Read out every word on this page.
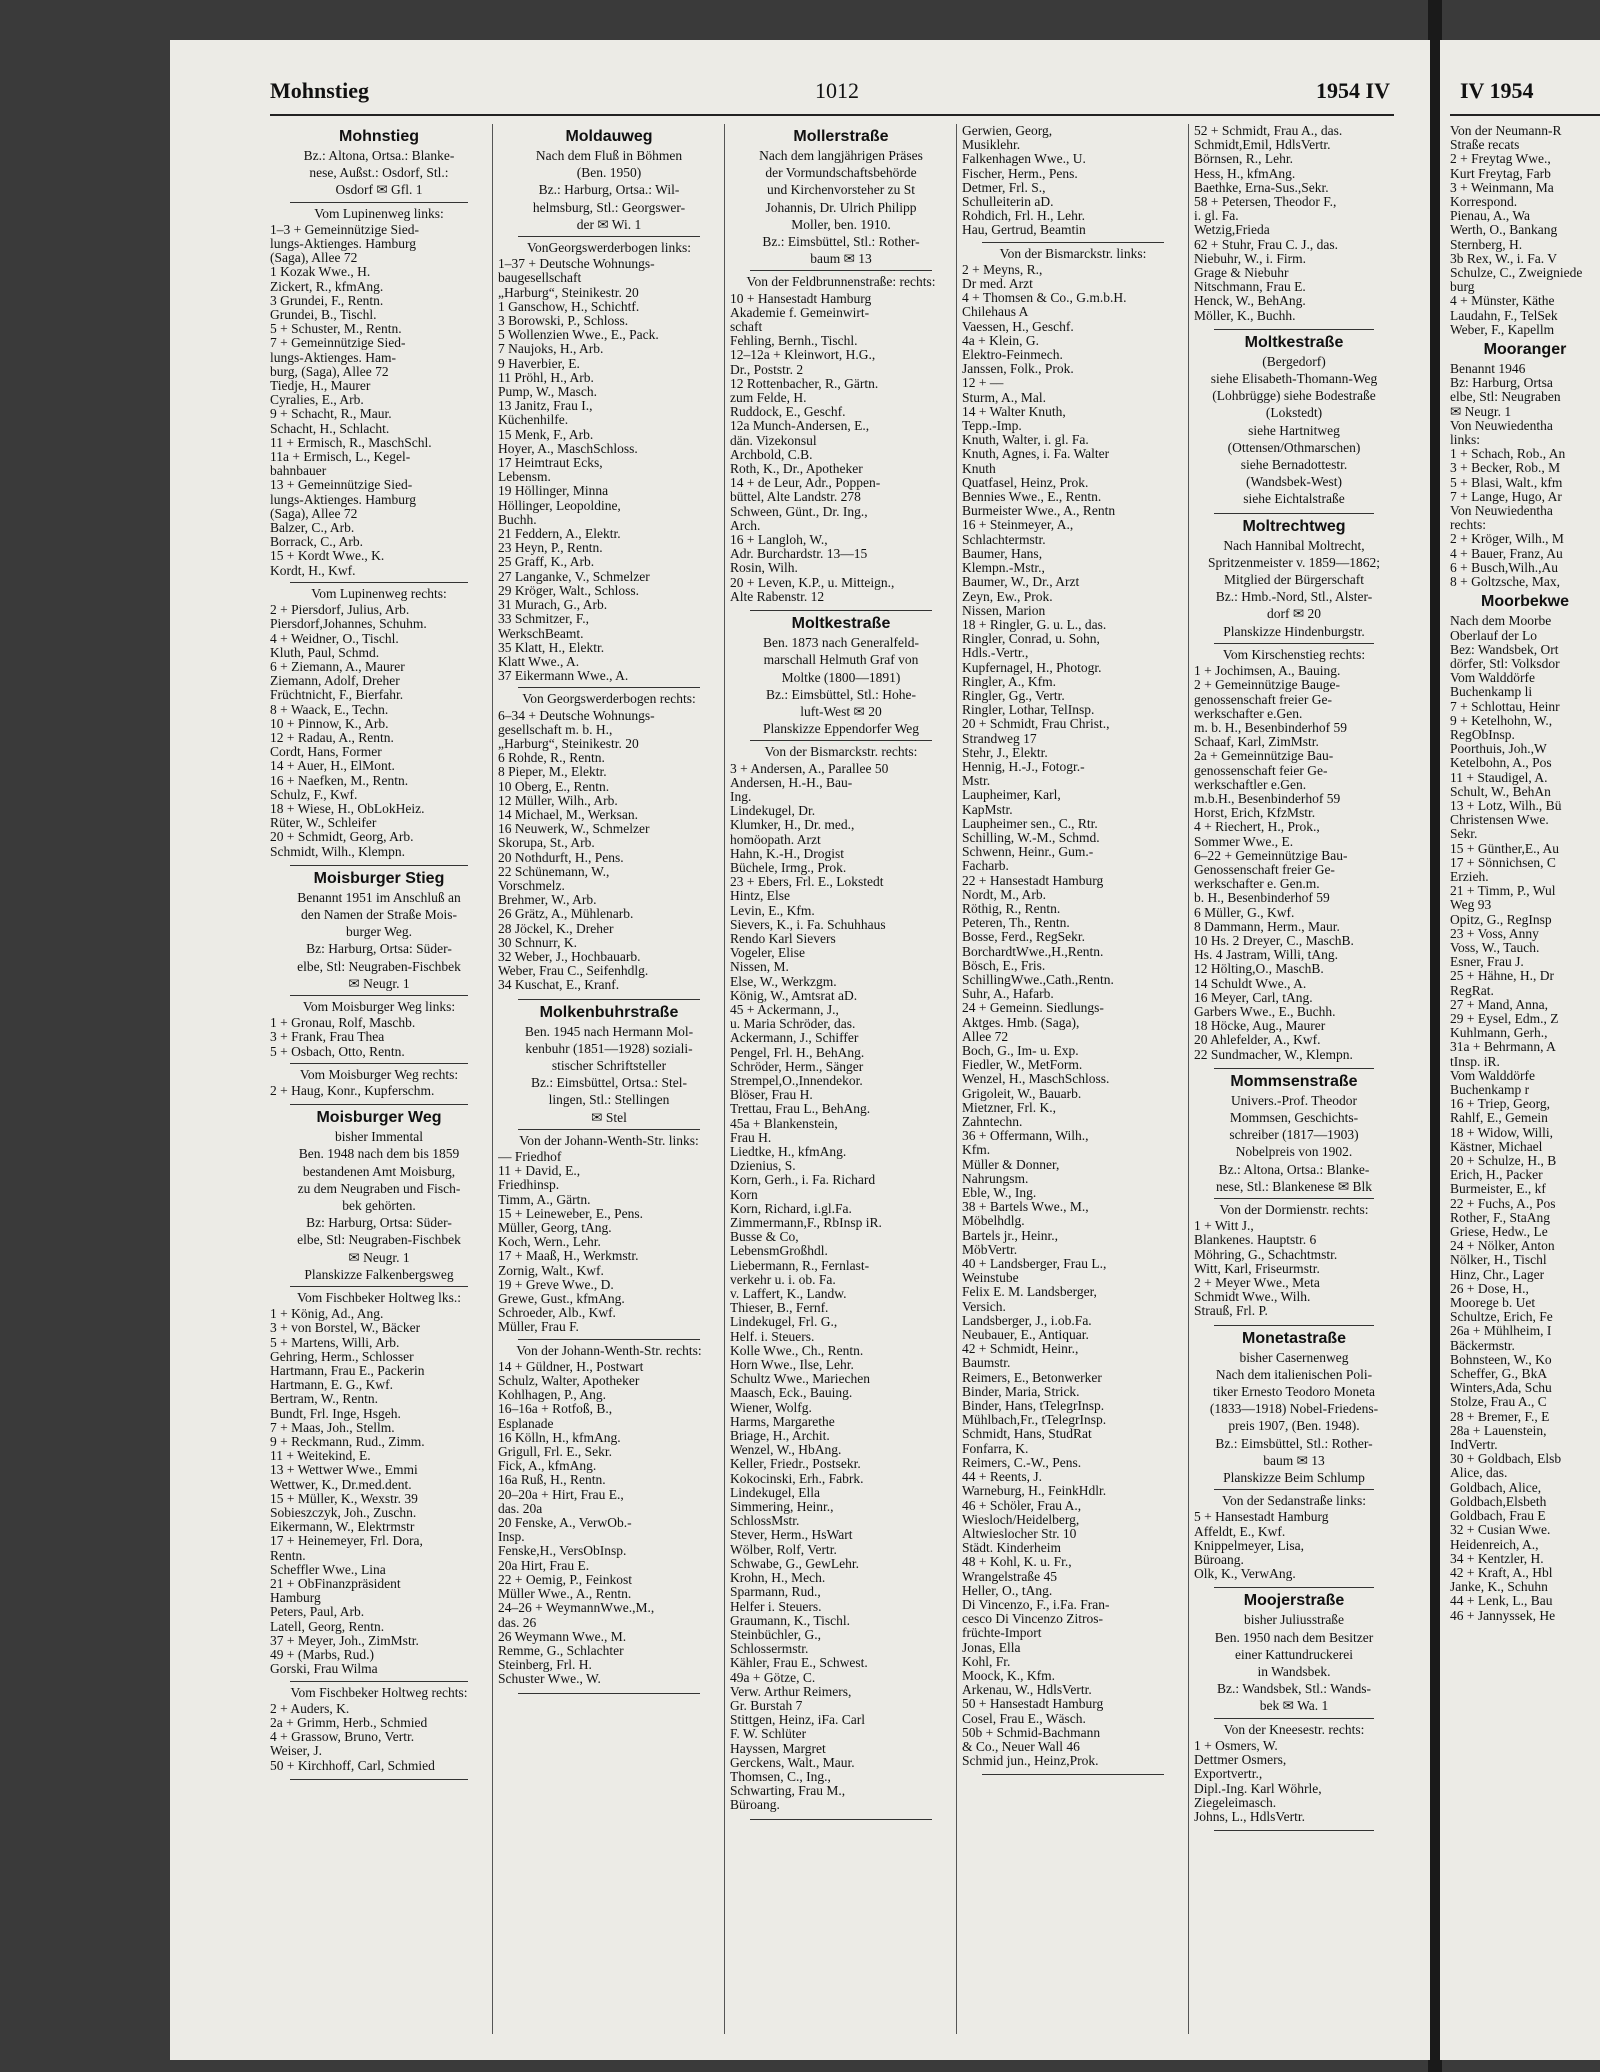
Mohnstieg	1012	1954 IV
Mohnstieg
Bz.: Altona, Ortsa.: Blanke-
nese, Außst.: Osdorf, Stl.:
Osdorf ✉ Gfl. 1
Vom Lupinenweg links:
1–3 + Gemeinnützige Sied-
lungs-Aktienges. Hamburg
(Saga), Allee 72
1 Kozak Wwe., H.
Zickert, R., kfmAng.
3 Grundei, F., Rentn.
Grundei, B., Tischl.
5 + Schuster, M., Rentn.
7 + Gemeinnützige Sied-
lungs-Aktienges. Ham-
burg, (Saga), Allee 72
Tiedje, H., Maurer
Cyralies, E., Arb.
9 + Schacht, R., Maur.
Schacht, H., Schlacht.
11 + Ermisch, R., MaschSchl.
11a + Ermisch, L., Kegel-
bahnbauer
13 + Gemeinnützige Sied-
lungs-Aktienges. Hamburg
(Saga), Allee 72
Balzer, C., Arb.
Borrack, C., Arb.
15 + Kordt Wwe., K.
Kordt, H., Kwf.
Vom Lupinenweg rechts:
2 + Piersdorf, Julius, Arb.
Piersdorf,Johannes, Schuhm.
4 + Weidner, O., Tischl.
Kluth, Paul, Schmd.
6 + Ziemann, A., Maurer
Ziemann, Adolf, Dreher
Früchtnicht, F., Bierfahr.
8 + Waack, E., Techn.
10 + Pinnow, K., Arb.
12 + Radau, A., Rentn.
Cordt, Hans, Former
14 + Auer, H., ElMont.
16 + Naefken, M., Rentn.
Schulz, F., Kwf.
18 + Wiese, H., ObLokHeiz.
Rüter, W., Schleifer
20 + Schmidt, Georg, Arb.
Schmidt, Wilh., Klempn.
Moisburger Stieg
Benannt 1951 im Anschluß an
den Namen der Straße Mois-
burger Weg.
Bz: Harburg, Ortsa: Süder-
elbe, Stl: Neugraben-Fischbek
✉ Neugr. 1
Vom Moisburger Weg links:
1 + Gronau, Rolf, Maschb.
3 + Frank, Frau Thea
5 + Osbach, Otto, Rentn.
Vom Moisburger Weg rechts:
2 + Haug, Konr., Kupferschm.
Moisburger Weg
bisher Immental
Ben. 1948 nach dem bis 1859
bestandenen Amt Moisburg,
zu dem Neugraben und Fisch-
bek gehörten.
Bz: Harburg, Ortsa: Süder-
elbe, Stl: Neugraben-Fischbek
✉ Neugr. 1
Planskizze Falkenbergsweg
Vom Fischbeker Holtweg lks.:
1 + König, Ad., Ang.
3 + von Borstel, W., Bäcker
5 + Martens, Willi, Arb.
Gehring, Herm., Schlosser
Hartmann, Frau E., Packerin
Hartmann, E. G., Kwf.
Bertram, W., Rentn.
Bundt, Frl. Inge, Hsgeh.
7 + Maas, Joh., Stellm.
9 + Reckmann, Rud., Zimm.
11 + Weitekind, E.
13 + Wettwer Wwe., Emmi
Wettwer, K., Dr.med.dent.
15 + Müller, K., Wexstr. 39
Sobieszczyk, Joh., Zuschn.
Eikermann, W., Elektrmstr
17 + Heinemeyer, Frl. Dora,
Rentn.
Scheffler Wwe., Lina
21 + ObFinanzpräsident
Hamburg
Peters, Paul, Arb.
Latell, Georg, Rentn.
37 + Meyer, Joh., ZimMstr.
49 + (Marbs, Rud.)
Gorski, Frau Wilma
Vom Fischbeker Holtweg rechts:
2 + Auders, K.
2a + Grimm, Herb., Schmied
4 + Grassow, Bruno, Vertr.
Weiser, J.
50 + Kirchhoff, Carl, Schmied
Moldauweg
Nach dem Fluß in Böhmen
(Ben. 1950)
Bz.: Harburg, Ortsa.: Wil-
helmsburg, Stl.: Georgswer-
der ✉ Wi. 1
VonGeorgswerderbogen links:
1–37 + Deutsche Wohnungs-
baugesellschaft
„Harburg“, Steinikestr. 20
1 Ganschow, H., Schichtf.
3 Borowski, P., Schloss.
5 Wollenzien Wwe., E., Pack.
7 Naujoks, H., Arb.
9 Haverbier, E.
11 Pröhl, H., Arb.
Pump, W., Masch.
13 Janitz, Frau I.,
Küchenhilfe.
15 Menk, F., Arb.
Hoyer, A., MaschSchloss.
17 Heimtraut Ecks,
Lebensm.
19 Höllinger, Minna
Höllinger, Leopoldine,
Buchh.
21 Feddern, A., Elektr.
23 Heyn, P., Rentn.
25 Graff, K., Arb.
27 Langanke, V., Schmelzer
29 Kröger, Walt., Schloss.
31 Murach, G., Arb.
33 Schmitzer, F.,
WerkschBeamt.
35 Klatt, H., Elektr.
Klatt Wwe., A.
37 Eikermann Wwe., A.
Von Georgswerderbogen rechts:
6–34 + Deutsche Wohnungs-
gesellschaft m. b. H.,
„Harburg“, Steinikestr. 20
6 Rohde, R., Rentn.
8 Pieper, M., Elektr.
10 Oberg, E., Rentn.
12 Müller, Wilh., Arb.
14 Michael, M., Werksan.
16 Neuwerk, W., Schmelzer
Skorupa, St., Arb.
20 Nothdurft, H., Pens.
22 Schünemann, W.,
Vorschmelz.
Brehmer, W., Arb.
26 Grätz, A., Mühlenarb.
28 Jöckel, K., Dreher
30 Schnurr, K.
32 Weber, J., Hochbauarb.
Weber, Frau C., Seifenhdlg.
34 Kuschat, E., Kranf.
Molkenbuhrstraße
Ben. 1945 nach Hermann Mol-
kenbuhr (1851—1928) soziali-
stischer Schriftsteller
Bz.: Eimsbüttel, Ortsa.: Stel-
lingen, Stl.: Stellingen
✉ Stel
Von der Johann-Wenth-Str. links:
— Friedhof
11 + David, E.,
Friedhinsp.
Timm, A., Gärtn.
15 + Leineweber, E., Pens.
Müller, Georg, tAng.
Koch, Wern., Lehr.
17 + Maaß, H., Werkmstr.
Zornig, Walt., Kwf.
19 + Greve Wwe., D.
Grewe, Gust., kfmAng.
Schroeder, Alb., Kwf.
Müller, Frau F.
Von der Johann-Wenth-Str. rechts:
14 + Güldner, H., Postwart
Schulz, Walter, Apotheker
Kohlhagen, P., Ang.
16–16a + Rotfoß, B.,
Esplanade
16 Kölln, H., kfmAng.
Grigull, Frl. E., Sekr.
Fick, A., kfmAng.
16a Ruß, H., Rentn.
20–20a + Hirt, Frau E.,
das. 20a
20 Fenske, A., VerwOb.-
Insp.
Fenske,H., VersObInsp.
20a Hirt, Frau E.
22 + Oemig, P., Feinkost
Müller Wwe., A., Rentn.
24–26 + WeymannWwe.,M.,
das. 26
26 Weymann Wwe., M.
Remme, G., Schlachter
Steinberg, Frl. H.
Schuster Wwe., W.
Mollerstraße
Nach dem langjährigen Präses
der Vormundschaftsbehörde
und Kirchenvorsteher zu St
Johannis, Dr. Ulrich Philipp
Moller, ben. 1910.
Bz.: Eimsbüttel, Stl.: Rother-
baum ✉ 13
Von der Feldbrunnenstraße: rechts:
10 + Hansestadt Hamburg
Akademie f. Gemeinwirt-
schaft
Fehling, Bernh., Tischl.
12–12a + Kleinwort, H.G.,
Dr., Poststr. 2
12 Rottenbacher, R., Gärtn.
zum Felde, H.
Ruddock, E., Geschf.
12a Munch-Andersen, E.,
dän. Vizekonsul
Archbold, C.B.
Roth, K., Dr., Apotheker
14 + de Leur, Adr., Poppen-
büttel, Alte Landstr. 278
Schween, Günt., Dr. Ing.,
Arch.
16 + Langloh, W.,
Adr. Burchardstr. 13—15
Rosin, Wilh.
20 + Leven, K.P., u. Mitteign.,
Alte Rabenstr. 12
Moltkestraße
Ben. 1873 nach Generalfeld-
marschall Helmuth Graf von
Moltke (1800—1891)
Bz.: Eimsbüttel, Stl.: Hohe-
luft-West ✉ 20
Planskizze Eppendorfer Weg
Von der Bismarckstr. rechts:
3 + Andersen, A., Parallee 50
Andersen, H.-H., Bau-
Ing.
Lindekugel, Dr.
Klumker, H., Dr. med.,
homöopath. Arzt
Hahn, K.-H., Drogist
Büchele, Irmg., Prok.
23 + Ebers, Frl. E., Lokstedt
Hintz, Else
Levin, E., Kfm.
Sievers, K., i. Fa. Schuhhaus
Rendo Karl Sievers
Vogeler, Elise
Nissen, M.
Else, W., Werkzgm.
König, W., Amtsrat aD.
45 + Ackermann, J.,
u. Maria Schröder, das.
Ackermann, J., Schiffer
Pengel, Frl. H., BehAng.
Schröder, Herm., Sänger
Strempel,O.,Innendekor.
Blöser, Frau H.
Trettau, Frau L., BehAng.
45a + Blankenstein,
Frau H.
Liedtke, H., kfmAng.
Dzienius, S.
Korn, Gerh., i. Fa. Richard
Korn
Korn, Richard, i.gl.Fa.
Zimmermann,F., RbInsp iR.
Busse & Co,
LebensmGroßhdl.
Liebermann, R., Fernlast-
verkehr u. i. ob. Fa.
v. Laffert, K., Landw.
Thieser, B., Fernf.
Lindekugel, Frl. G.,
Helf. i. Steuers.
Kolle Wwe., Ch., Rentn.
Horn Wwe., Ilse, Lehr.
Schultz Wwe., Mariechen
Maasch, Eck., Bauing.
Wiener, Wolfg.
Harms, Margarethe
Briage, H., Archit.
Wenzel, W., HbAng.
Keller, Friedr., Postsekr.
Kokocinski, Erh., Fabrk.
Lindekugel, Ella
Simmering, Heinr.,
SchlossMstr.
Stever, Herm., HsWart
Wölber, Rolf, Vertr.
Schwabe, G., GewLehr.
Krohn, H., Mech.
Sparmann, Rud.,
Helfer i. Steuers.
Graumann, K., Tischl.
Steinbüchler, G.,
Schlossermstr.
Kähler, Frau E., Schwest.
49a + Götze, C.
Verw. Arthur Reimers,
Gr. Burstah 7
Stittgen, Heinz, iFa. Carl
F. W. Schlüter
Hayssen, Margret
Gerckens, Walt., Maur.
Thomsen, C., Ing.,
Schwarting, Frau M.,
Büroang.
Gerwien, Georg,
Musiklehr.
Falkenhagen Wwe., U.
Fischer, Herm., Pens.
Detmer, Frl. S.,
Schulleiterin aD.
Rohdich, Frl. H., Lehr.
Hau, Gertrud, Beamtin
Von der Bismarckstr. links:
2 + Meyns, R.,
Dr med. Arzt
4 + Thomsen & Co., G.m.b.H.
Chilehaus A
Vaessen, H., Geschf.
4a + Klein, G.
Elektro-Feinmech.
Janssen, Folk., Prok.
12 + ––
Sturm, A., Mal.
14 + Walter Knuth,
Tepp.-Imp.
Knuth, Walter, i. gl. Fa.
Knuth, Agnes, i. Fa. Walter
Knuth
Quatfasel, Heinz, Prok.
Bennies Wwe., E., Rentn.
Burmeister Wwe., A., Rentn
16 + Steinmeyer, A.,
Schlachtermstr.
Baumer, Hans,
Klempn.-Mstr.,
Baumer, W., Dr., Arzt
Zeyn, Ew., Prok.
Nissen, Marion
18 + Ringler, G. u. L., das.
Ringler, Conrad, u. Sohn,
Hdls.-Vertr.,
Kupfernagel, H., Photogr.
Ringler, A., Kfm.
Ringler, Gg., Vertr.
Ringler, Lothar, TelInsp.
20 + Schmidt, Frau Christ.,
Strandweg 17
Stehr, J., Elektr.
Hennig, H.-J., Fotogr.-
Mstr.
Laupheimer, Karl,
KapMstr.
Laupheimer sen., C., Rtr.
Schilling, W.-M., Schmd.
Schwenn, Heinr., Gum.-
Facharb.
22 + Hansestadt Hamburg
Nordt, M., Arb.
Röthig, R., Rentn.
Peteren, Th., Rentn.
Bosse, Ferd., RegSekr.
BorchardtWwe.,H.,Rentn.
Bösch, E., Fris.
SchillingWwe.,Cath.,Rentn.
Suhr, A., Hafarb.
24 + Gemeinn. Siedlungs-
Aktges. Hmb. (Saga),
Allee 72
Boch, G., Im- u. Exp.
Fiedler, W., MetForm.
Wenzel, H., MaschSchloss.
Grigoleit, W., Bauarb.
Mietzner, Frl. K.,
Zahntechn.
36 + Offermann, Wilh.,
Kfm.
Müller & Donner,
Nahrungsm.
Eble, W., Ing.
38 + Bartels Wwe., M.,
Möbelhdlg.
Bartels jr., Heinr.,
MöbVertr.
40 + Landsberger, Frau L.,
Weinstube
Felix E. M. Landsberger,
Versich.
Landsberger, J., i.ob.Fa.
Neubauer, E., Antiquar.
42 + Schmidt, Heinr.,
Baumstr.
Reimers, E., Betonwerker
Binder, Maria, Strick.
Binder, Hans, tTelegrInsp.
Mühlbach,Fr., tTelegrInsp.
Schmidt, Hans, StudRat
Fonfarra, K.
Reimers, C.-W., Pens.
44 + Reents, J.
Warneburg, H., FeinkHdlr.
46 + Schöler, Frau A.,
Wiesloch/Heidelberg,
Altwieslocher Str. 10
Städt. Kinderheim
48 + Kohl, K. u. Fr.,
Wrangelstraße 45
Heller, O., tAng.
Di Vincenzo, F., i.Fa. Fran-
cesco Di Vincenzo Zitros-
früchte-Import
Jonas, Ella
Kohl, Fr.
Moock, K., Kfm.
Arkenau, W., HdlsVertr.
50 + Hansestadt Hamburg
Cosel, Frau E., Wäsch.
50b + Schmid-Bachmann
& Co., Neuer Wall 46
Schmid jun., Heinz,Prok.
52 + Schmidt, Frau A., das.
Schmidt,Emil, HdlsVertr.
Börnsen, R., Lehr.
Hess, H., kfmAng.
Baethke, Erna-Sus.,Sekr.
58 + Petersen, Theodor F.,
i. gl. Fa.
Wetzig,Frieda
62 + Stuhr, Frau C. J., das.
Niebuhr, W., i. Firm.
Grage & Niebuhr
Nitschmann, Frau E.
Henck, W., BehAng.
Möller, K., Buchh.
Moltkestraße
(Bergedorf)
siehe Elisabeth-Thomann-Weg
(Lohbrügge) siehe Bodestraße
(Lokstedt)
siehe Hartnitweg
(Ottensen/Othmarschen)
siehe Bernadottestr.
(Wandsbek-West)
siehe Eichtalstraße
Moltrechtweg
Nach Hannibal Moltrecht,
Spritzenmeister v. 1859—1862;
Mitglied der Bürgerschaft
Bz.: Hmb.-Nord, Stl., Alster-
dorf ✉ 20
Planskizze Hindenburgstr.
Vom Kirschenstieg rechts:
1 + Jochimsen, A., Bauing.
2 + Gemeinnützige Bauge-
genossenschaft freier Ge-
werkschafter e.Gen.
m. b. H., Besenbinderhof 59
Schaaf, Karl, ZimMstr.
2a + Gemeinnützige Bau-
genossenschaft feier Ge-
werkschaftler e.Gen.
m.b.H., Besenbinderhof 59
Horst, Erich, KfzMstr.
4 + Riechert, H., Prok.,
Sommer Wwe., E.
6–22 + Gemeinnützige Bau-
Genossenschaft freier Ge-
werkschafter e. Gen.m.
b. H., Besenbinderhof 59
6 Müller, G., Kwf.
8 Dammann, Herm., Maur.
10 Hs. 2 Dreyer, C., MaschB.
Hs. 4 Jastram, Willi, tAng.
12 Hölting,O., MaschB.
14 Schuldt Wwe., A.
16 Meyer, Carl, tAng.
Garbers Wwe., E., Buchh.
18 Höcke, Aug., Maurer
20 Ahlefelder, A., Kwf.
22 Sundmacher, W., Klempn.
Mommsenstraße
Univers.-Prof. Theodor
Mommsen, Geschichts-
schreiber (1817—1903)
Nobelpreis von 1902.
Bz.: Altona, Ortsa.: Blanke-
nese, Stl.: Blankenese ✉ Blk
Von der Dormienstr. rechts:
1 + Witt J.,
Blankenes. Hauptstr. 6
Möhring, G., Schachtmstr.
Witt, Karl, Friseurmstr.
2 + Meyer Wwe., Meta
Schmidt Wwe., Wilh.
Strauß, Frl. P.
Monetastraße
bisher Casernenweg
Nach dem italienischen Poli-
tiker Ernesto Teodoro Moneta
(1833—1918) Nobel-Friedens-
preis 1907, (Ben. 1948).
Bz.: Eimsbüttel, Stl.: Rother-
baum ✉ 13
Planskizze Beim Schlump
Von der Sedanstraße links:
5 + Hansestadt Hamburg
Affeldt, E., Kwf.
Knippelmeyer, Lisa,
Büroang.
Olk, K., VerwAng.
Moojerstraße
bisher Juliusstraße
Ben. 1950 nach dem Besitzer
einer Kattundruckerei
in Wandsbek.
Bz.: Wandsbek, Stl.: Wands-
bek ✉ Wa. 1
Von der Kneesestr. rechts:
1 + Osmers, W.
Dettmer Osmers,
Exportvertr.,
Dipl.-Ing. Karl Wöhrle,
Ziegeleimasch.
Johns, L., HdlsVertr.
IV 1954
Von der Neumann-R
Straße recats
2 + Freytag Wwe.,
Kurt Freytag, Farb
3 + Weinmann, Ma
Korrespond.
Pienau, A., Wa
Werth, O., Bankang
Sternberg, H.
3b Rex, W., i. Fa. V
Schulze, C., Zweigniede
burg
4 + Münster, Käthe
Laudahn, F., TelSek
Weber, F., Kapellm
Mooranger
Benannt 1946
Bz: Harburg, Ortsa
elbe, Stl: Neugraben
✉ Neugr. 1
Von Neuwiedentha
links:
1 + Schach, Rob., An
3 + Becker, Rob., M
5 + Blasi, Walt., kfm
7 + Lange, Hugo, Ar
Von Neuwiedentha
rechts:
2 + Kröger, Wilh., M
4 + Bauer, Franz, Au
6 + Busch,Wilh.,Au
8 + Goltzsche, Max,
Moorbekwe
Nach dem Moorbe
Oberlauf der Lo
Bez: Wandsbek, Ort
dörfer, Stl: Volksdor
Vom Walddörfe
Buchenkamp li
7 + Schlottau, Heinr
9 + Ketelhohn, W.,
RegObInsp.
Poorthuis, Joh.,W
Ketelbohn, A., Pos
11 + Staudigel, A.
Schult, W., BehAn
13 + Lotz, Wilh., Bü
Christensen Wwe.
Sekr.
15 + Günther,E., Au
17 + Sönnichsen, C
Erzieh.
21 + Timm, P., Wul
Weg 93
Opitz, G., RegInsp
23 + Voss, Anny
Voss, W., Tauch.
Esner, Frau J.
25 + Hähne, H., Dr
RegRat.
27 + Mand, Anna,
29 + Eysel, Edm., Z
Kuhlmann, Gerh.,
31a + Behrmann, A
tInsp. iR.
Vom Walddörfe
Buchenkamp r
16 + Triep, Georg,
Rahlf, E., Gemein
18 + Widow, Willi,
Kästner, Michael
20 + Schulze, H., B
Erich, H., Packer
Burmeister, E., kf
22 + Fuchs, A., Pos
Rother, F., StaAng
Griese, Hedw., Le
24 + Nölker, Anton
Nölker, H., Tischl
Hinz, Chr., Lager
26 + Dose, H.,
Moorege b. Uet
Schultze, Erich, Fe
26a + Mühlheim, I
Bäckermstr.
Bohnsteen, W., Ko
Scheffer, G., BkA
Winters,Ada, Schu
Stolze, Frau A., C
28 + Bremer, F., E
28a + Lauenstein,
IndVertr.
30 + Goldbach, Elsb
Alice, das.
Goldbach, Alice,
Goldbach,Elsbeth
Goldbach, Frau E
32 + Cusian Wwe.
Heidenreich, A.,
34 + Kentzler, H.
42 + Kraft, A., Hbl
Janke, K., Schuhn
44 + Lenk, L., Bau
46 + Jannyssek, He
